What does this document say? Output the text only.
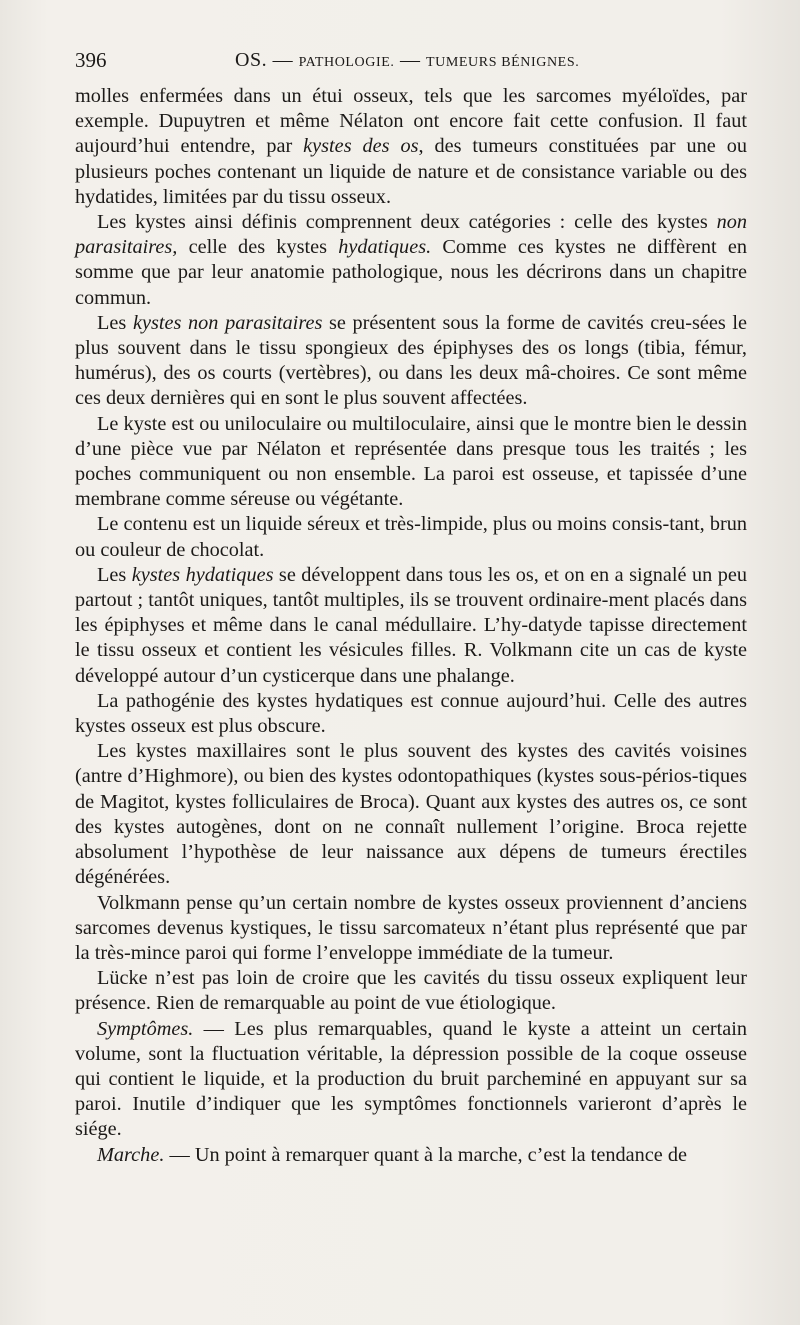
396	OS. — PATHOLOGIE. — TUMEURS BÉNIGNES.

molles enfermées dans un étui osseux, tels que les sarcomes myéloïdes, par exemple. Dupuytren et même Nélaton ont encore fait cette confusion. Il faut aujourd’hui entendre, par kystes des os, des tumeurs constituées par une ou plusieurs poches contenant un liquide de nature et de consistance variable ou des hydatides, limitées par du tissu osseux.

Les kystes ainsi définis comprennent deux catégories : celle des kystes non parasitaires, celle des kystes hydatiques. Comme ces kystes ne diffèrent en somme que par leur anatomie pathologique, nous les décrirons dans un chapitre commun.

Les kystes non parasitaires se présentent sous la forme de cavités creu-sées le plus souvent dans le tissu spongieux des épiphyses des os longs (tibia, fémur, humérus), des os courts (vertèbres), ou dans les deux mâ-choires. Ce sont même ces deux dernières qui en sont le plus souvent affectées.

Le kyste est ou uniloculaire ou multiloculaire, ainsi que le montre bien le dessin d’une pièce vue par Nélaton et représentée dans presque tous les traités ; les poches communiquent ou non ensemble. La paroi est osseuse, et tapissée d’une membrane comme séreuse ou végétante.

Le contenu est un liquide séreux et très-limpide, plus ou moins consis-tant, brun ou couleur de chocolat.

Les kystes hydatiques se développent dans tous les os, et on en a signalé un peu partout ; tantôt uniques, tantôt multiples, ils se trouvent ordinaire-ment placés dans les épiphyses et même dans le canal médullaire. L’hy-datyde tapisse directement le tissu osseux et contient les vésicules filles. R. Volkmann cite un cas de kyste développé autour d’un cysticerque dans une phalange.

La pathogénie des kystes hydatiques est connue aujourd’hui. Celle des autres kystes osseux est plus obscure.

Les kystes maxillaires sont le plus souvent des kystes des cavités voisines (antre d’Highmore), ou bien des kystes odontopathiques (kystes sous-périos-tiques de Magitot, kystes folliculaires de Broca). Quant aux kystes des autres os, ce sont des kystes autogènes, dont on ne connaît nullement l’origine. Broca rejette absolument l’hypothèse de leur naissance aux dépens de tumeurs érectiles dégénérées.

Volkmann pense qu’un certain nombre de kystes osseux proviennent d’anciens sarcomes devenus kystiques, le tissu sarcomateux n’étant plus représenté que par la très-mince paroi qui forme l’enveloppe immédiate de la tumeur.

Lücke n’est pas loin de croire que les cavités du tissu osseux expliquent leur présence. Rien de remarquable au point de vue étiologique.

Symptômes. — Les plus remarquables, quand le kyste a atteint un certain volume, sont la fluctuation véritable, la dépression possible de la coque osseuse qui contient le liquide, et la production du bruit parcheminé en appuyant sur sa paroi. Inutile d’indiquer que les symptômes fonctionnels varieront d’après le siége.

Marche. — Un point à remarquer quant à la marche, c’est la tendance de
